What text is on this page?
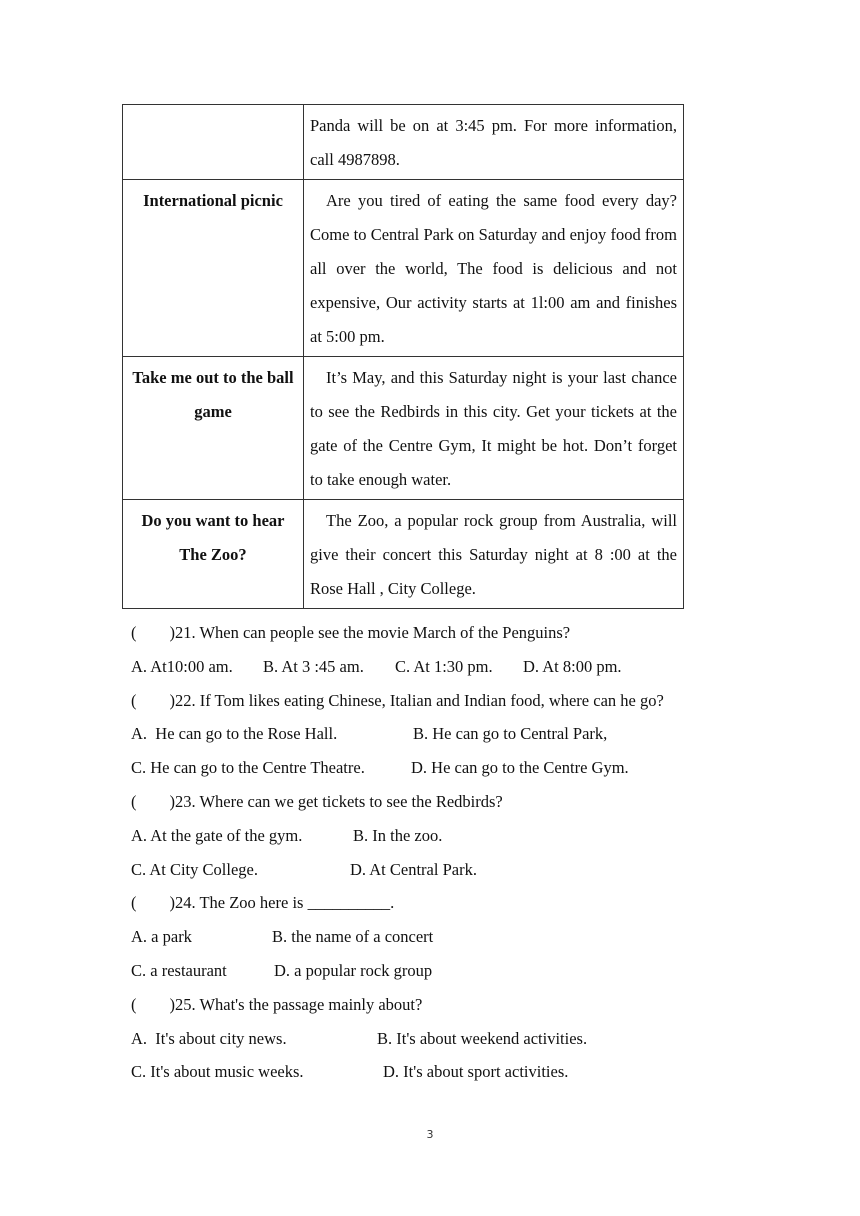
	Panda will be on at 3:45 pm. For more information, call 4987898.
International picnic	Are you tired of eating the same food every day? Come to Central Park on Saturday and enjoy food from all over the world, The food is delicious and not expensive, Our activity starts at 1l:00 am and finishes at 5:00 pm.
Take me out to the ball game	It’s May, and this Saturday night is your last chance to see the Redbirds in this city. Get your tickets at the gate of the Centre Gym, It might be hot. Don’t forget to take enough water.
Do you want to hear The Zoo?	The Zoo, a popular rock group from Australia, will give their concert this Saturday night at 8 :00 at the Rose Hall , City College.
(        )21. When can people see the movie March of the Penguins?
A. At10:00 am. B. At 3 :45 am. C. At 1:30 pm. D. At 8:00 pm.
(        )22. If Tom likes eating Chinese, Italian and Indian food, where can he go?
A.  He can go to the Rose Hall.	B. He can go to Central Park,
C. He can go to the Centre Theatre.	D. He can go to the Centre Gym.
(        )23. Where can we get tickets to see the Redbirds?
A. At the gate of the gym.	B. In the zoo.
C. At City College.	D. At Central Park.
(        )24. The Zoo here is __________.
A. a park	B. the name of a concert
C. a restaurant	D. a popular rock group
(        )25. What's the passage mainly about?
A.  It's about city news.	B. It's about weekend activities.
C. It's about music weeks.	D. It's about sport activities.
3
